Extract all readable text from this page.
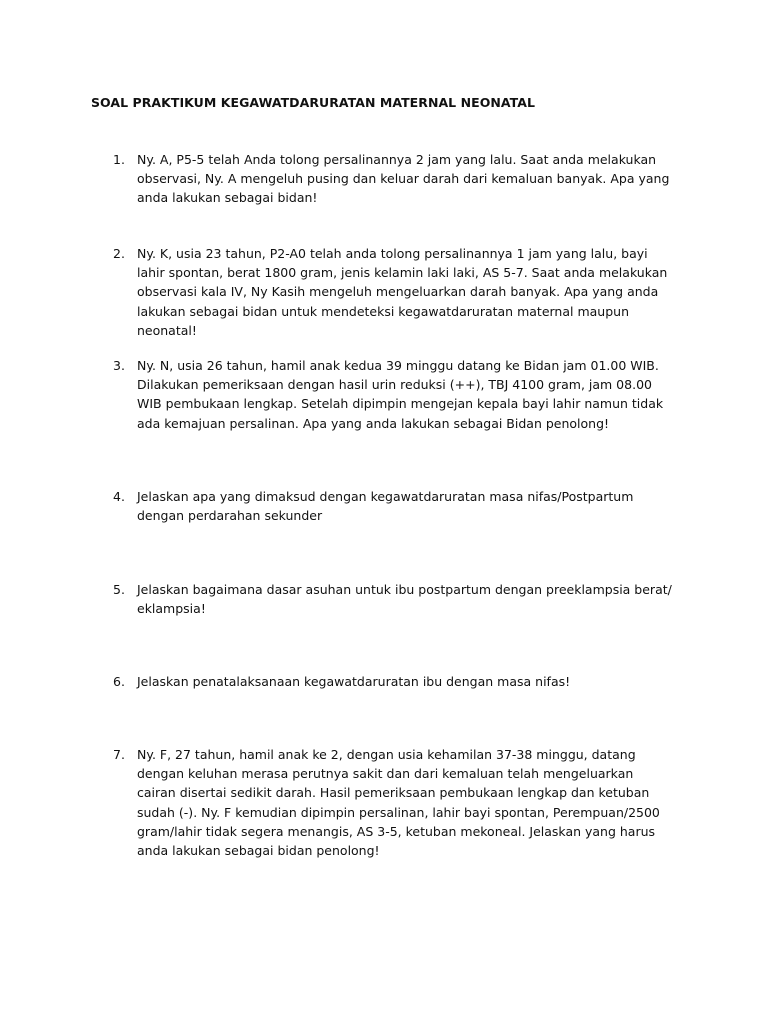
SOAL PRAKTIKUM KEGAWATDARURATAN MATERNAL NEONATAL
1. Ny. A, P5-5 telah Anda tolong persalinannya 2 jam yang lalu. Saat anda melakukan observasi, Ny. A mengeluh pusing dan keluar darah dari kemaluan banyak. Apa yang anda lakukan sebagai bidan!
2. Ny. K, usia 23 tahun, P2-A0 telah anda tolong persalinannya 1 jam yang lalu, bayi lahir spontan, berat 1800 gram, jenis kelamin laki laki, AS 5-7. Saat anda melakukan observasi kala IV, Ny Kasih mengeluh mengeluarkan darah banyak. Apa yang anda lakukan sebagai bidan untuk mendeteksi kegawatdaruratan maternal maupun neonatal!
3. Ny. N, usia 26 tahun, hamil anak kedua 39 minggu datang ke Bidan jam 01.00 WIB. Dilakukan pemeriksaan dengan hasil urin reduksi (++), TBJ 4100 gram, jam 08.00 WIB pembukaan lengkap. Setelah dipimpin mengejan kepala bayi lahir namun tidak ada kemajuan persalinan. Apa yang anda lakukan sebagai Bidan penolong!
4. Jelaskan apa yang dimaksud dengan kegawatdaruratan masa nifas/Postpartum dengan perdarahan sekunder
5. Jelaskan bagaimana dasar asuhan untuk ibu postpartum dengan preeklampsia berat/ eklampsia!
6. Jelaskan penatalaksanaan kegawatdaruratan ibu dengan masa nifas!
7. Ny. F, 27 tahun, hamil anak ke 2, dengan usia kehamilan 37-38 minggu, datang dengan keluhan merasa perutnya sakit dan dari kemaluan telah mengeluarkan cairan disertai sedikit darah. Hasil pemeriksaan pembukaan lengkap dan ketuban sudah (-). Ny. F kemudian dipimpin persalinan, lahir bayi spontan, Perempuan/2500 gram/lahir tidak segera menangis, AS 3-5, ketuban mekoneal. Jelaskan yang harus anda lakukan sebagai bidan penolong!
